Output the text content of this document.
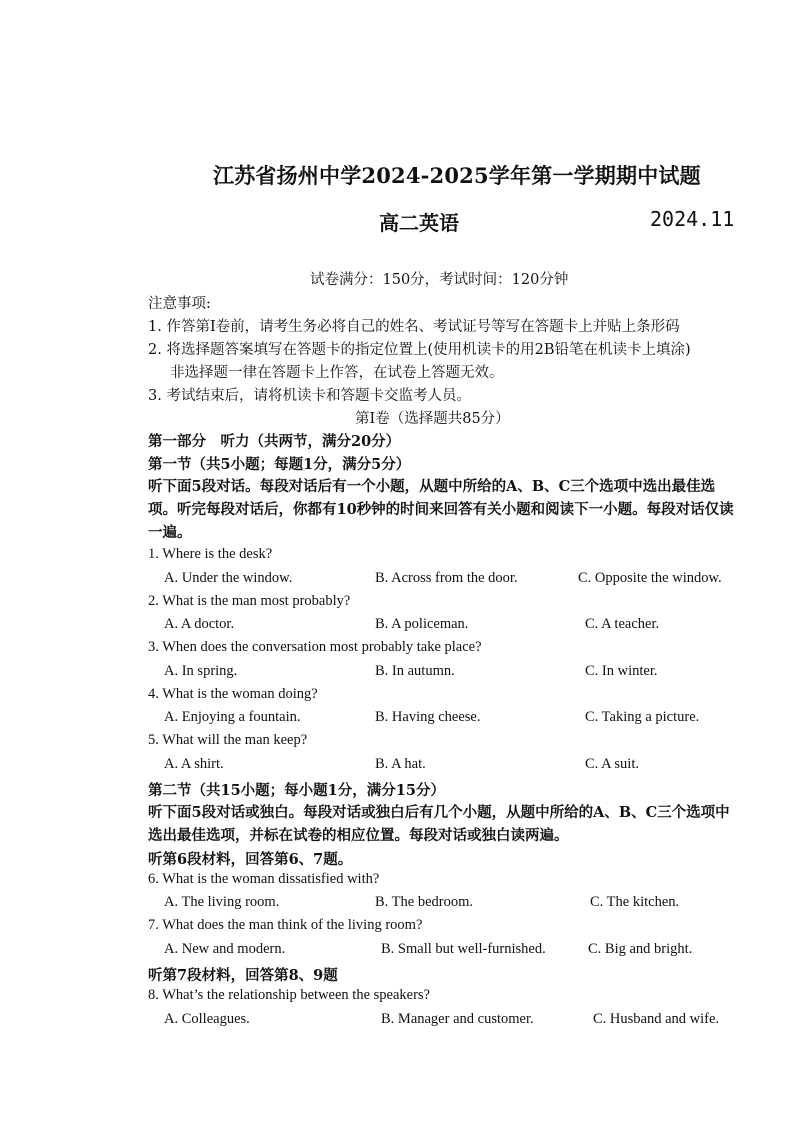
江苏省扬州中学2024-2025学年第一学期期中试题
高二英语	2024.11
试卷满分：150分，考试时间：120分钟
注意事项:
1. 作答第Ⅰ卷前，请考生务必将自己的姓名、考试证号等写在答题卡上并贴上条形码
2. 将选择题答案填写在答题卡的指定位置上(使用机读卡的用2B铅笔在机读卡上填涂)
非选择题一律在答题卡上作答，在试卷上答题无效。
3. 考试结束后，请将机读卡和答题卡交监考人员。
第Ⅰ卷（选择题共85分）
第一部分　听力（共两节，满分20分）
第一节（共5小题；每题1分，满分5分）
听下面5段对话。每段对话后有一个小题，从题中所给的A、B、C三个选项中选出最佳选项。听完每段对话后，你都有10秒钟的时间来回答有关小题和阅读下一小题。每段对话仅读一遍。
1. Where is the desk?
A. Under the window.	B. Across from the door.	C. Opposite the window.
2. What is the man most probably?
A. A doctor.	B. A policeman.	C. A teacher.
3. When does the conversation most probably take place?
A. In spring.	B. In autumn.	C. In winter.
4. What is the woman doing?
A. Enjoying a fountain.	B. Having cheese.	C. Taking a picture.
5. What will the man keep?
A. A shirt.	B. A hat.	C. A suit.
第二节（共15小题；每小题1分，满分15分）
听下面5段对话或独白。每段对话或独白后有几个小题，从题中所给的A、B、C三个选项中选出最佳选项，并标在试卷的相应位置。每段对话或独白读两遍。
听第6段材料，回答第6、7题。
6. What is the woman dissatisfied with?
A. The living room.	B. The bedroom.	C. The kitchen.
7. What does the man think of the living room?
A. New and modern.	B. Small but well-furnished.	C. Big and bright.
听第7段材料，回答第8、9题
8. What’s the relationship between the speakers?
A. Colleagues.	B. Manager and customer.	C. Husband and wife.
